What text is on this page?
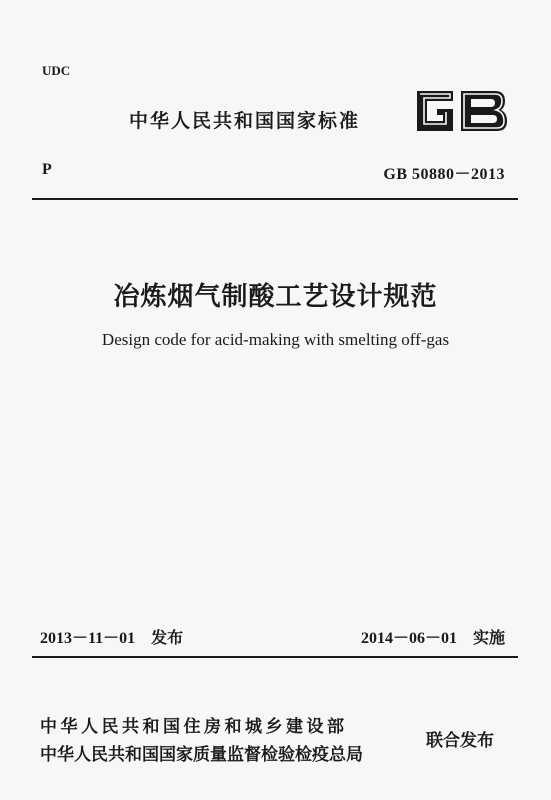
UDC
中华人民共和国国家标准
P	GB 50880－2013
冶炼烟气制酸工艺设计规范
Design code for acid-making with smelting off-gas
2013－11－01　发布	2014－06－01　实施
中华人民共和国住房和城乡建设部
中华人民共和国国家质量监督检验检疫总局
联合发布
